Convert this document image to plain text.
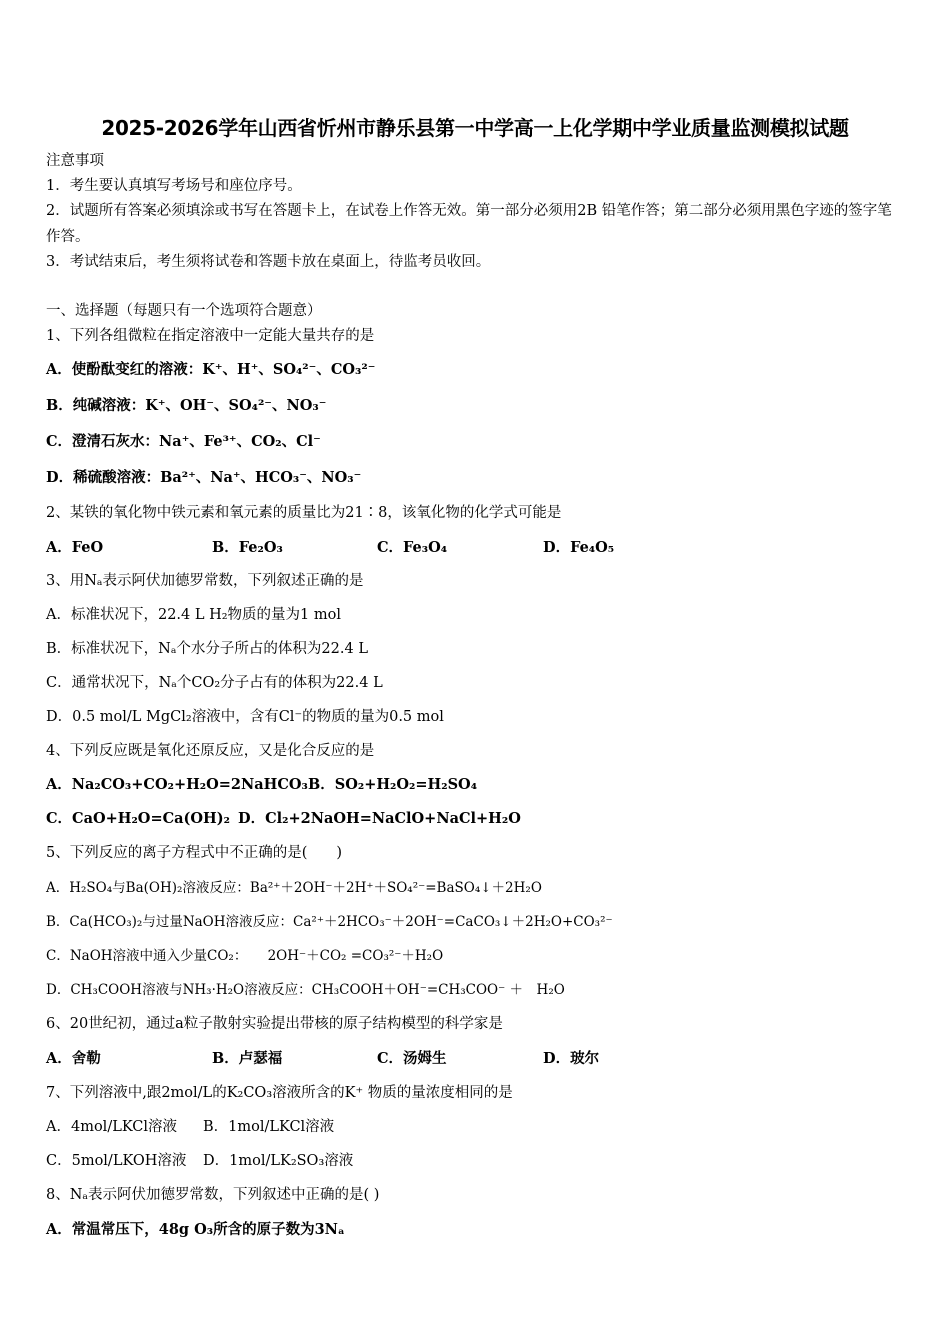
2025-2026学年山西省忻州市静乐县第一中学高一上化学期中学业质量监测模拟试题
注意事项
1．考生要认真填写考场号和座位序号。
2．试题所有答案必须填涂或书写在答题卡上，在试卷上作答无效。第一部分必须用2B 铅笔作答；第二部分必须用黑色字迹的签字笔作答。
3．考试结束后，考生须将试卷和答题卡放在桌面上，待监考员收回。
一、选择题（每题只有一个选项符合题意）
1、下列各组微粒在指定溶液中一定能大量共存的是
A．使酚酞变红的溶液：K⁺、H⁺、SO₄²⁻、CO₃²⁻
B．纯碱溶液：K⁺、OH⁻、SO₄²⁻、NO₃⁻
C．澄清石灰水：Na⁺、Fe³⁺、CO₂、Cl⁻
D．稀硫酸溶液：Ba²⁺、Na⁺、HCO₃⁻、NO₃⁻
2、某铁的氧化物中铁元素和氧元素的质量比为21∶8，该氧化物的化学式可能是
A．FeO	B．Fe₂O₃	C．Fe₃O₄	D．Fe₄O₅
3、用Nₐ表示阿伏加德罗常数，下列叙述正确的是
A．标准状况下，22.4 L H₂物质的量为1 mol
B．标准状况下，Nₐ个水分子所占的体积为22.4 L
C．通常状况下，Nₐ个CO₂分子占有的体积为22.4 L
D．0.5 mol/L MgCl₂溶液中，含有Cl⁻的物质的量为0.5 mol
4、下列反应既是氧化还原反应，又是化合反应的是
A．Na₂CO₃+CO₂+H₂O=2NaHCO₃ B．SO₂+H₂O₂=H₂SO₄
C．CaO+H₂O=Ca(OH)₂ D．Cl₂+2NaOH=NaClO+NaCl+H₂O
5、下列反应的离子方程式中不正确的是(　　)
A．H₂SO₄与Ba(OH)₂溶液反应：Ba²⁺＋2OH⁻＋2H⁺＋SO₄²⁻=BaSO₄↓＋2H₂O
B．Ca(HCO₃)₂与过量NaOH溶液反应：Ca²⁺＋2HCO₃⁻＋2OH⁻=CaCO₃↓＋2H₂O+CO₃²⁻
C．NaOH溶液中通入少量CO₂：　　2OH⁻＋CO₂ =CO₃²⁻＋H₂O
D．CH₃COOH溶液与NH₃·H₂O溶液反应：CH₃COOH＋OH⁻=CH₃COO⁻ ＋　H₂O
6、20世纪初，通过a粒子散射实验提出带核的原子结构模型的科学家是
A．舍勒	B．卢瑟福	C．汤姆生	D．玻尔
7、下列溶液中,跟2mol/L的K₂CO₃溶液所含的K⁺ 物质的量浓度相同的是
A．4mol/LKCl溶液 B．1mol/LKCl溶液
C．5mol/LKOH溶液 D．1mol/LK₂SO₃溶液
8、Nₐ表示阿伏加德罗常数，下列叙述中正确的是( )
A．常温常压下，48g O₃所含的原子数为3Nₐ
